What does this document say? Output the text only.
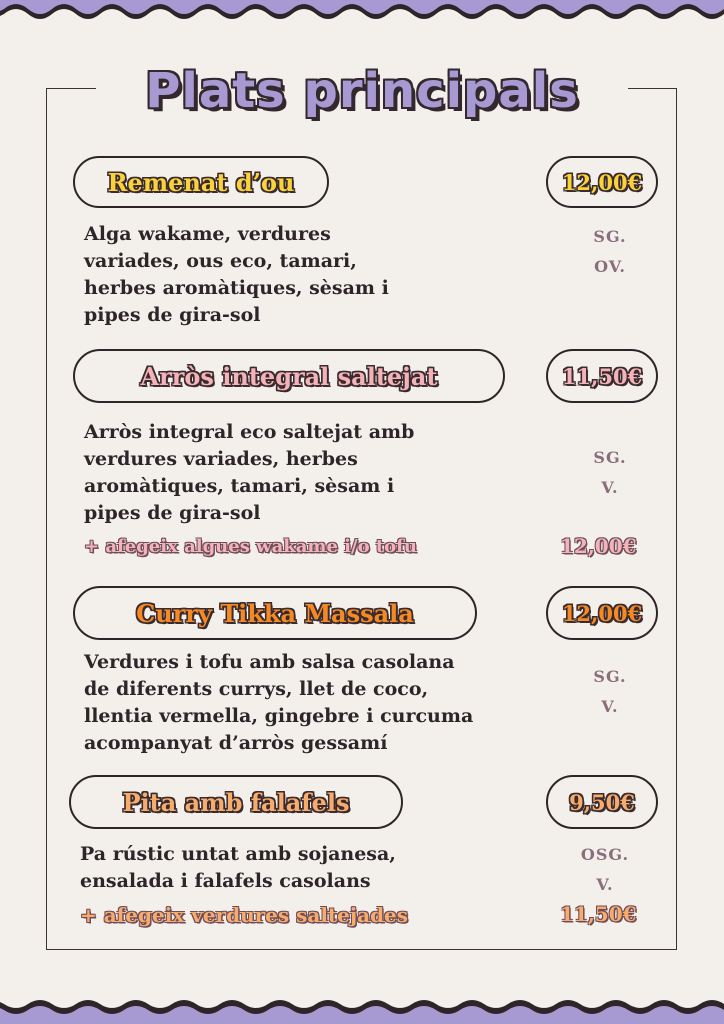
Plats principals
Remenat d’ou	12,00€
Alga wakame, verdures
variades, ous eco, tamari,
herbes aromàtiques, sèsam i
pipes de gira-sol
SG.
OV.
Arròs integral saltejat	11,50€
Arròs integral eco saltejat amb
verdures variades, herbes
aromàtiques, tamari, sèsam i
pipes de gira-sol
SG.
V.
+ afegeix algues wakame i/o tofu	12,00€
Curry Tikka Massala	12,00€
Verdures i tofu amb salsa casolana
de diferents currys, llet de coco,
llentia vermella, gingebre i curcuma
acompanyat d’arròs gessamí
SG.
V.
Pita amb falafels	9,50€
Pa rústic untat amb sojanesa,
ensalada i falafels casolans
OSG.
V.
+ afegeix verdures saltejades	11,50€
